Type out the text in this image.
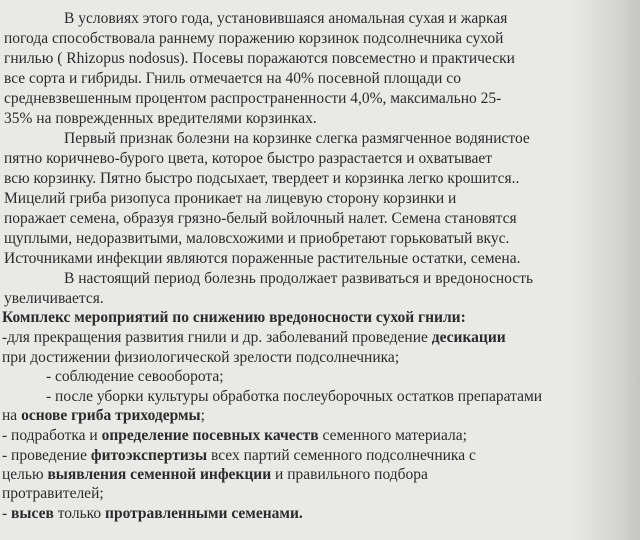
В условиях этого года, установившаяся аномальная сухая и жаркая
погода способствовала раннему поражению корзинок подсолнечника сухой
гнилью ( Rhizopus nodosus). Посевы поражаются повсеместно и практически
все сорта и гибриды. Гниль отмечается на 40% посевной площади со
средневзвешенным процентом распространенности 4,0%, максимально 25-
35% на поврежденных вредителями корзинках.
Первый признак болезни на корзинке слегка размягченное водянистое
пятно коричнево-бурого цвета, которое быстро разрастается и охватывает
всю корзинку. Пятно быстро подсыхает, твердеет и корзинка легко крошится..
Мицелий гриба ризопуса проникает на лицевую сторону корзинки и
поражает семена, образуя грязно-белый войлочный налет. Семена становятся
щуплыми, недоразвитыми, маловсхожими и приобретают горьковатый вкус.
Источниками инфекции являются пораженные растительные остатки, семена.
В настоящий период болезнь продолжает развиваться и вредоносность
увеличивается.
Комплекс мероприятий по снижению вредоносности сухой гнили:
-для прекращения развития гнили и др. заболеваний проведение десикации
при достижении физиологической зрелости подсолнечника;
- соблюдение севооборота;
- после уборки культуры обработка послеуборочных остатков препаратами
на основе гриба триходермы;
- подработка и определение посевных качеств семенного материала;
- проведение фитоэкспертизы всех партий семенного подсолнечника с
целью выявления семенной инфекции и правильного подбора
протравителей;
- высев только протравленными семенами.
